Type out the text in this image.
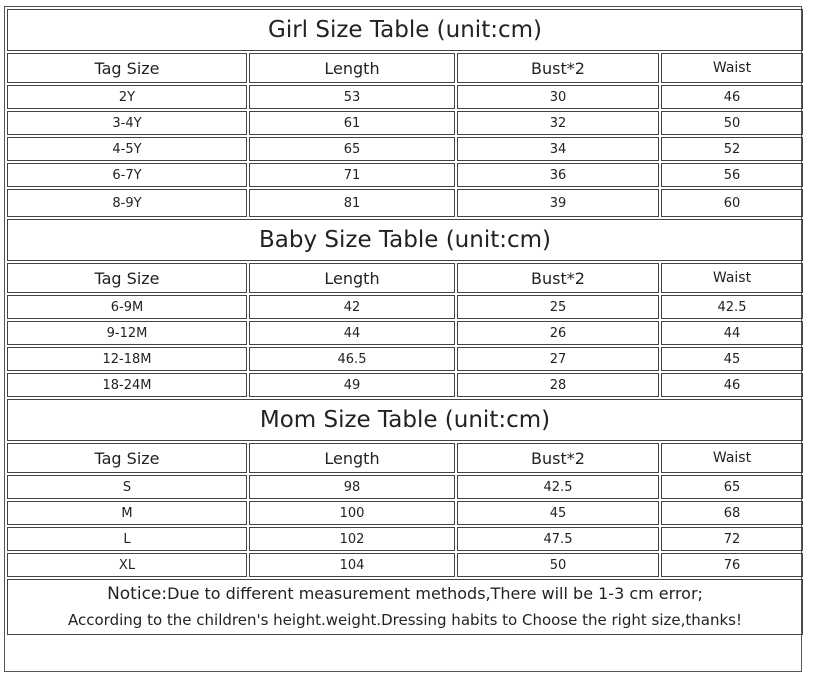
Girl Size Table (unit:cm)			
Tag Size	Length	Bust*2	Waist
2Y	53	30	46
3-4Y	61	32	50
4-5Y	65	34	52
6-7Y	71	36	56
8-9Y	81	39	60
Baby Size Table (unit:cm)			
Tag Size	Length	Bust*2	Waist
6-9M	42	25	42.5
9-12M	44	26	44
12-18M	46.5	27	45
18-24M	49	28	46
Mom Size Table (unit:cm)			
Tag Size	Length	Bust*2	Waist
S	98	42.5	65
M	100	45	68
L	102	47.5	72
XL	104	50	76

Notice:Due to different measurement methods,There will be 1-3 cm error;
According to the children's height.weight.Dressing habits to Choose the right size,thanks!			
